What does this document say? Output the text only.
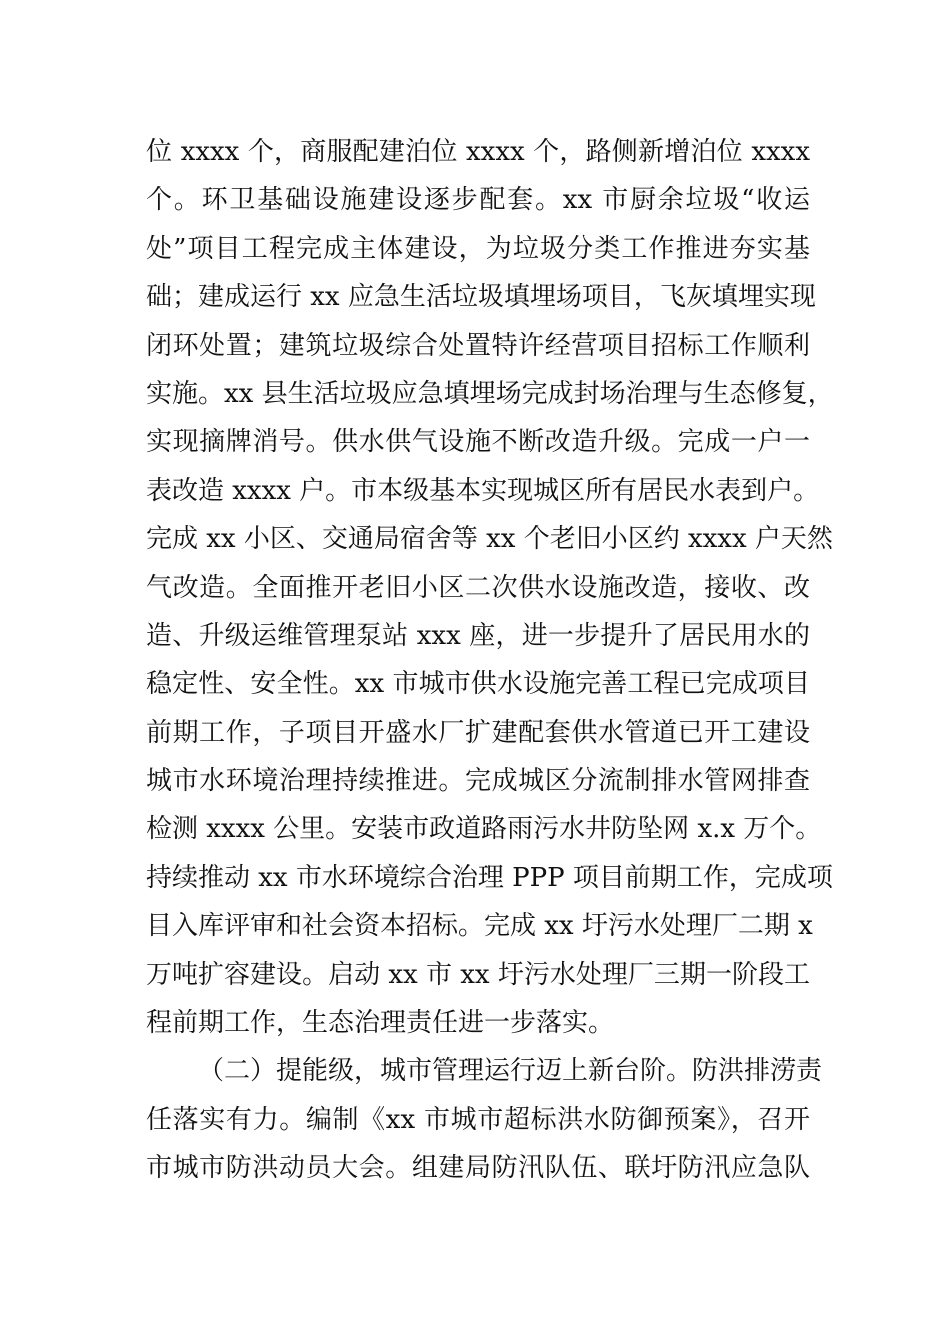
位 xxxx 个，商服配建泊位 xxxx 个，路侧新增泊位 xxxx
个。环卫基础设施建设逐步配套。xx 市厨余垃圾“收运
处”项目工程完成主体建设，为垃圾分类工作推进夯实基
础；建成运行 xx 应急生活垃圾填埋场项目，飞灰填埋实现
闭环处置；建筑垃圾综合处置特许经营项目招标工作顺利
实施。xx 县生活垃圾应急填埋场完成封场治理与生态修复，
实现摘牌消号。供水供气设施不断改造升级。完成一户一
表改造 xxxx 户。市本级基本实现城区所有居民水表到户。
完成 xx 小区、交通局宿舍等 xx 个老旧小区约 xxxx 户天然
气改造。全面推开老旧小区二次供水设施改造，接收、改
造、升级运维管理泵站 xxx 座，进一步提升了居民用水的
稳定性、安全性。xx 市城市供水设施完善工程已完成项目
前期工作，子项目开盛水厂扩建配套供水管道已开工建设
城市水环境治理持续推进。完成城区分流制排水管网排查
检测 xxxx 公里。安装市政道路雨污水井防坠网 x.x 万个。
持续推动 xx 市水环境综合治理 PPP 项目前期工作，完成项
目入库评审和社会资本招标。完成 xx 圩污水处理厂二期 x
万吨扩容建设。启动 xx 市 xx 圩污水处理厂三期一阶段工
程前期工作，生态治理责任进一步落实。
（二）提能级，城市管理运行迈上新台阶。防洪排涝责
任落实有力。编制《xx 市城市超标洪水防御预案》，召开
市城市防洪动员大会。组建局防汛队伍、联圩防汛应急队
